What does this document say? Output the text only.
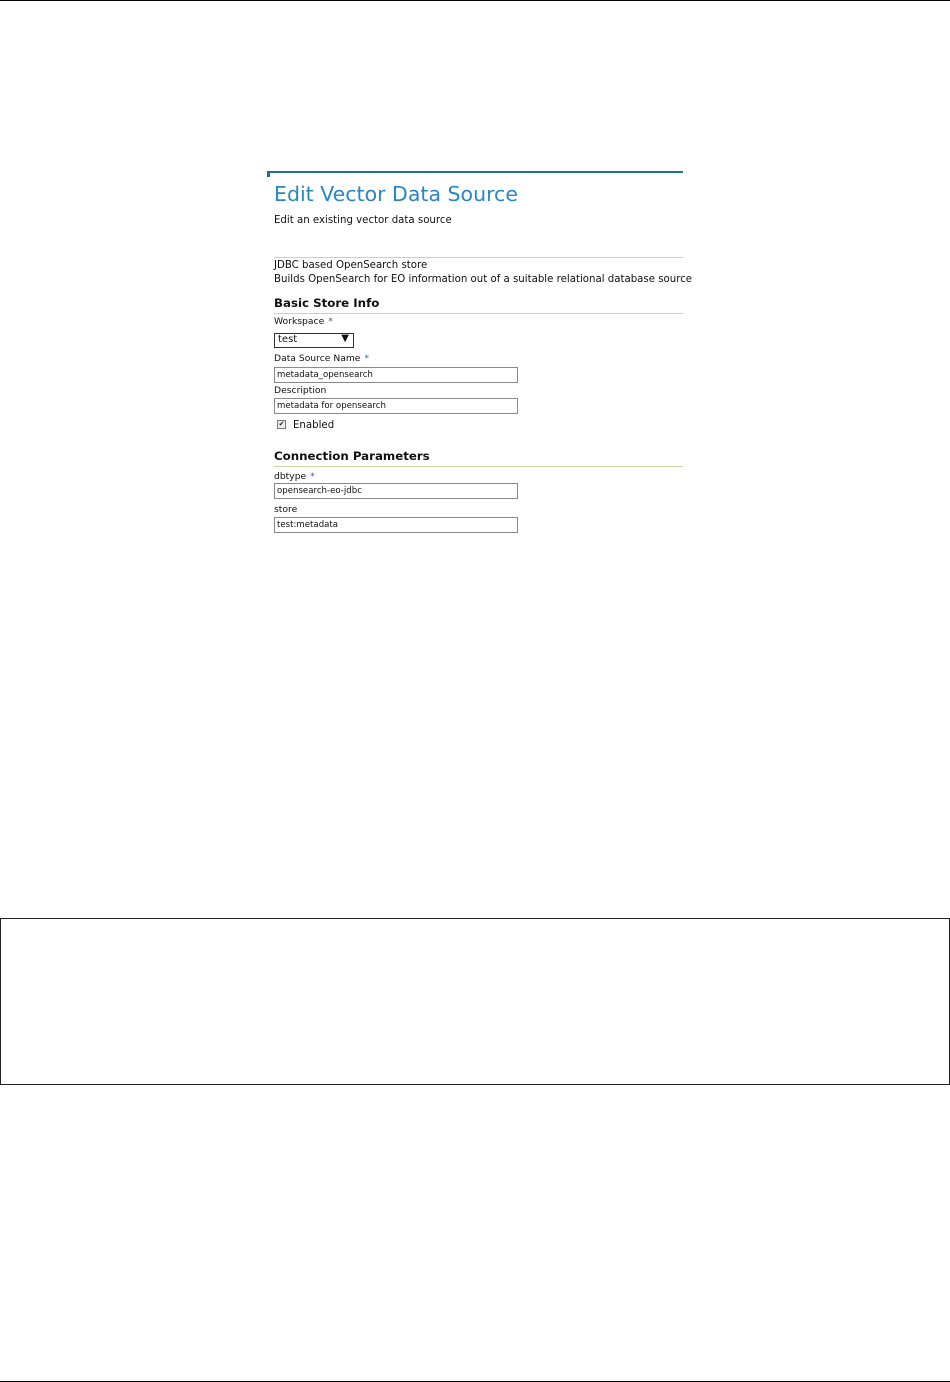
Edit Vector Data Source
Edit an existing vector data source
JDBC based OpenSearch store
Builds OpenSearch for EO information out of a suitable relational database source
Basic Store Info
Workspace *
test	▼
Data Source Name *
metadata_opensearch
Description
metadata for opensearch
✔ Enabled
Connection Parameters
dbtype *
opensearch-eo-jdbc
store
test:metadata
